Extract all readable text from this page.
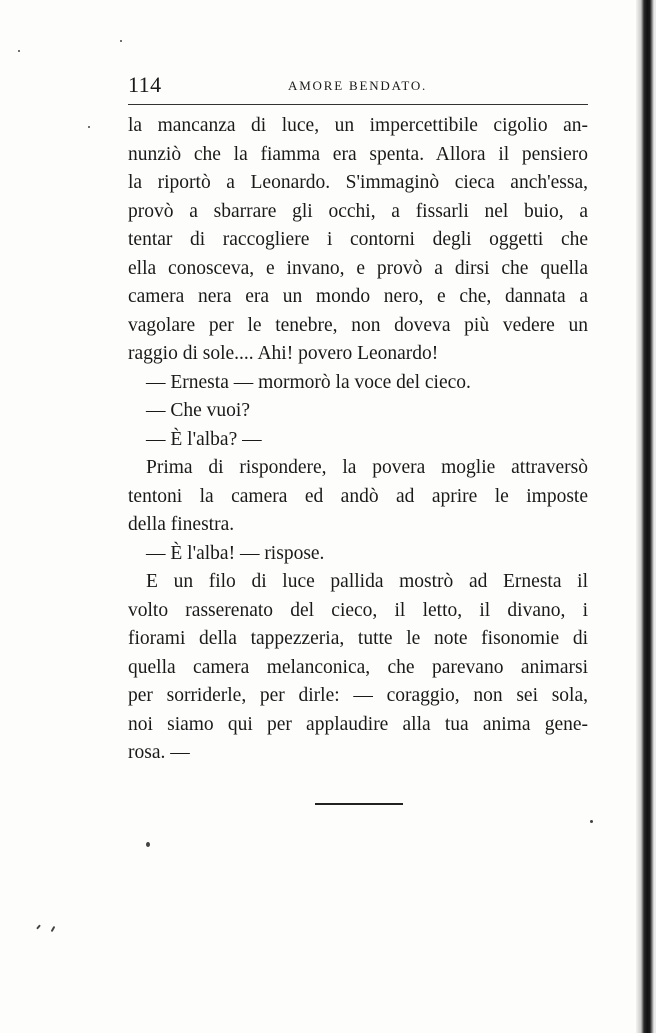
114	AMORE BENDATO.

la mancanza di luce, un impercettibile cigolio an-
nunziò che la fiamma era spenta. Allora il pensiero
la riportò a Leonardo. S'immaginò cieca anch'essa,
provò a sbarrare gli occhi, a fissarli nel buio, a
tentar di raccogliere i contorni degli oggetti che
ella conosceva, e invano, e provò a dirsi che quella
camera nera era un mondo nero, e che, dannata a
vagolare per le tenebre, non doveva più vedere un

raggio di sole.... Ahi! povero Leonardo!

— Ernesta — mormorò la voce del cieco.

— Che vuoi?

— È l'alba? —

Prima di rispondere, la povera moglie attraversò

tentoni la camera ed andò ad aprire le imposte

della finestra.

— È l'alba! — rispose.

E un filo di luce pallida mostrò ad Ernesta il

volto rasserenato del cieco, il letto, il divano, i

fiorami della tappezzeria, tutte le note fisonomie di

quella camera melanconica, che parevano animarsi

per sorriderle, per dirle: — coraggio, non sei sola,

noi siamo qui per applaudire alla tua anima gene-

rosa. —
